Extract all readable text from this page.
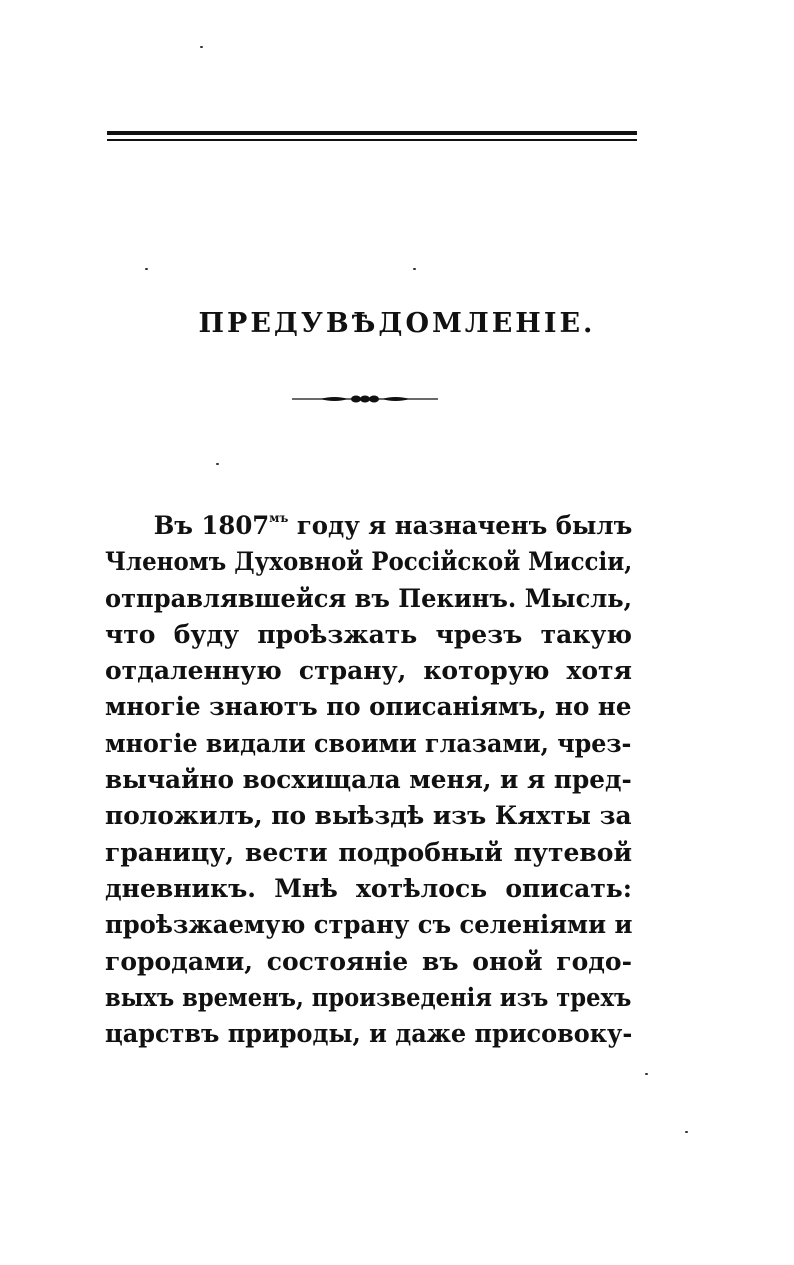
ПРЕДУВѢДОМЛЕНІЕ.
Въ $1807^{мъ}$ году я назначенъ былъ
Членомъ Духовной Россійской Миссіи,
отправлявшейся въ Пекинъ. Мысль,
что буду проѣзжать чрезъ такую
отдаленную страну, которую хотя
многіе знаютъ по описаніямъ, но не
многіе видали своими глазами, чрез-
вычайно восхищала меня, и я пред-
положилъ, по выѣздѣ изъ Кяхты за
границу, вести подробный путевой
дневникъ. Мнѣ хотѣлось описать:
проѣзжаемую страну съ селеніями и
городами, состояніе въ оной годо-
выхъ временъ, произведенія изъ трехъ
царствъ природы, и даже присовоку-
